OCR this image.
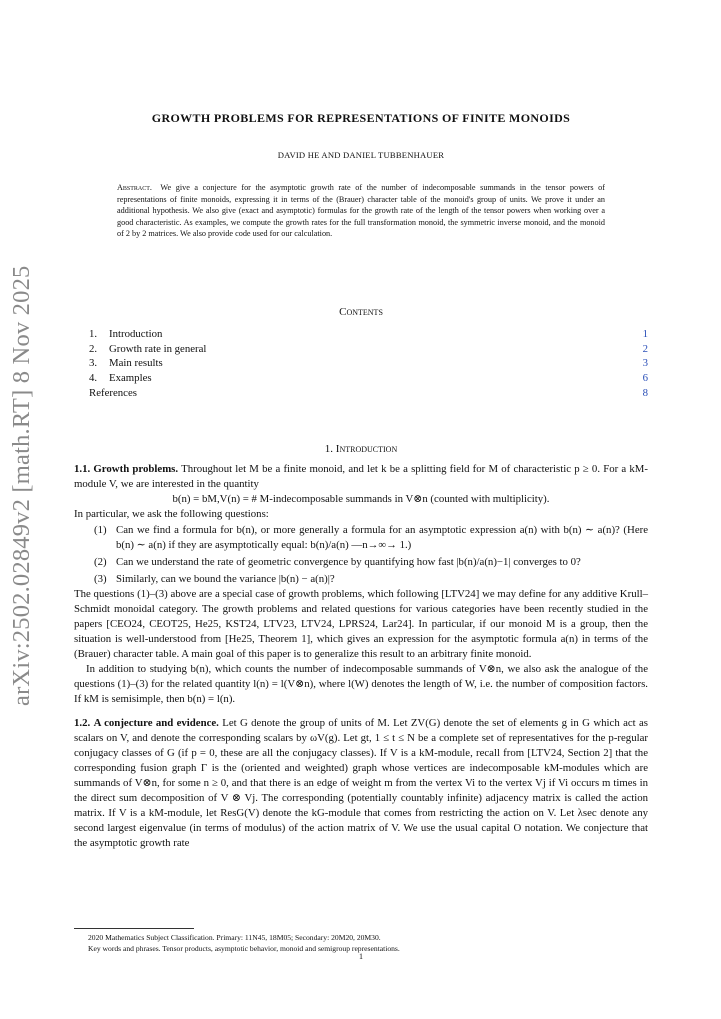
arXiv:2502.02849v2 [math.RT] 8 Nov 2025
GROWTH PROBLEMS FOR REPRESENTATIONS OF FINITE MONOIDS
DAVID HE AND DANIEL TUBBENHAUER
Abstract. We give a conjecture for the asymptotic growth rate of the number of indecomposable summands in the tensor powers of representations of finite monoids, expressing it in terms of the (Brauer) character table of the monoid's group of units. We prove it under an additional hypothesis. We also give (exact and asymptotic) formulas for the growth rate of the length of the tensor powers when working over a good characteristic. As examples, we compute the growth rates for the full transformation monoid, the symmetric inverse monoid, and the monoid of 2 by 2 matrices. We also provide code used for our calculation.
Contents
1.	Introduction	1
2.	Growth rate in general	2
3.	Main results	3
4.	Examples	6
References	8
1. Introduction

1.1. Growth problems. Throughout let M be a finite monoid, and let k be a splitting field for M of characteristic p ≥ 0. For a kM-module V, we are interested in the quantity

b(n) = bM,V(n) = # M-indecomposable summands in V⊗n (counted with multiplicity).

In particular, we ask the following questions:

(1) Can we find a formula for b(n), or more generally a formula for an asymptotic expression a(n) with b(n) ∼ a(n)? (Here b(n) ∼ a(n) if they are asymptotically equal: b(n)/a(n) —n→∞→ 1.)
(2) Can we understand the rate of geometric convergence by quantifying how fast |b(n)/a(n)−1| converges to 0?
(3) Similarly, can we bound the variance |b(n) − a(n)|?

The questions (1)–(3) above are a special case of growth problems, which following [LTV24] we may define for any additive Krull–Schmidt monoidal category. The growth problems and related questions for various categories have been recently studied in the papers [CEO24, CEOT25, He25, KST24, LTV23, LTV24, LPRS24, Lar24]. In particular, if our monoid M is a group, then the situation is well-understood from [He25, Theorem 1], which gives an expression for the asymptotic formula a(n) in terms of the (Brauer) character table. A main goal of this paper is to generalize this result to an arbitrary finite monoid.

In addition to studying b(n), which counts the number of indecomposable summands of V⊗n, we also ask the analogue of the questions (1)–(3) for the related quantity l(n) = l(V⊗n), where l(W) denotes the length of W, i.e. the number of composition factors. If kM is semisimple, then b(n) = l(n).

1.2. A conjecture and evidence. Let G denote the group of units of M. Let ZV(G) denote the set of elements g in G which act as scalars on V, and denote the corresponding scalars by ωV(g). Let gt, 1 ≤ t ≤ N be a complete set of representatives for the p-regular conjugacy classes of G (if p = 0, these are all the conjugacy classes). If V is a kM-module, recall from [LTV24, Section 2] that the corresponding fusion graph Γ is the (oriented and weighted) graph whose vertices are indecomposable kM-modules which are summands of V⊗n, for some n ≥ 0, and that there is an edge of weight m from the vertex Vi to the vertex Vj if Vi occurs m times in the direct sum decomposition of V ⊗ Vj. The corresponding (potentially countably infinite) adjacency matrix is called the action matrix. If V is a kM-module, let ResG(V) denote the kG-module that comes from restricting the action on V. Let λsec denote any second largest eigenvalue (in terms of modulus) of the action matrix of V. We use the usual capital O notation. We conjecture that the asymptotic growth rate

2020 Mathematics Subject Classification. Primary: 11N45, 18M05; Secondary: 20M20, 20M30.
Key words and phrases. Tensor products, asymptotic behavior, monoid and semigroup representations.
1
